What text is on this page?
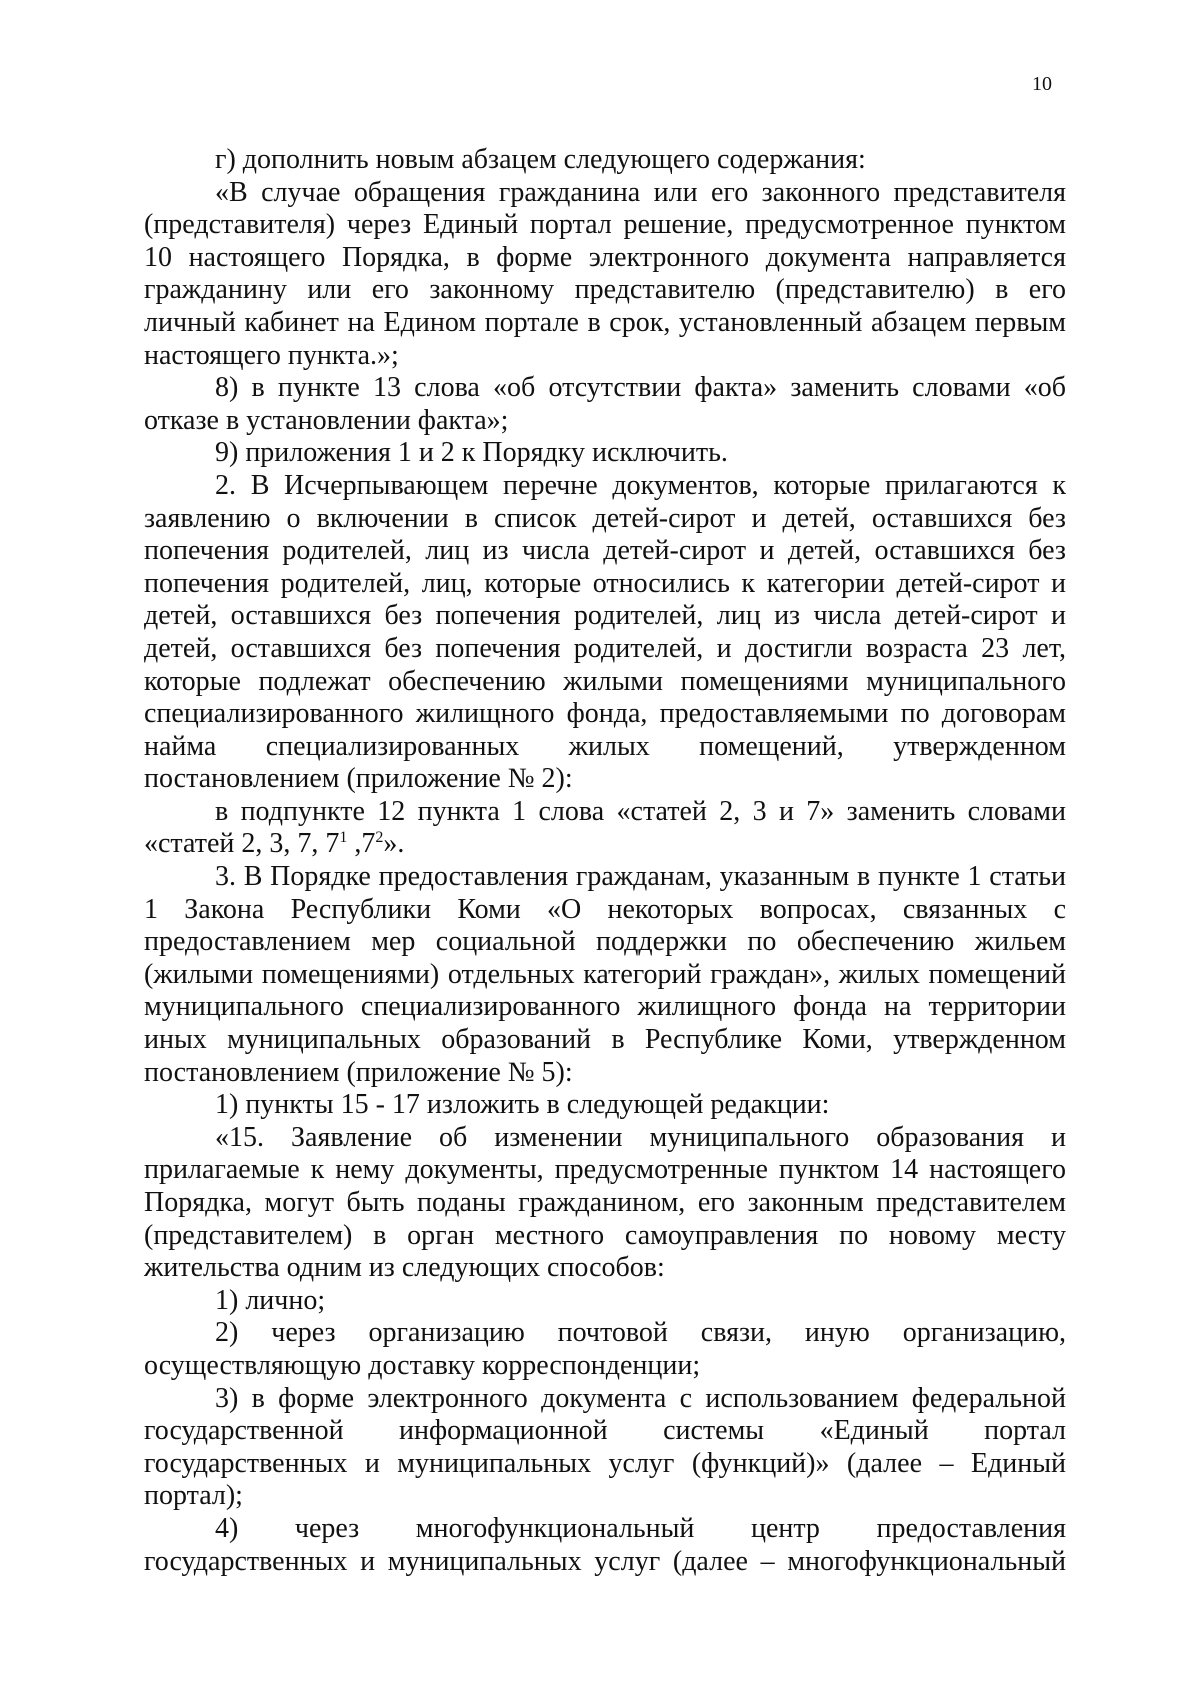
10

г) дополнить новым абзацем следующего содержания:

«В случае обращения гражданина или его законного представителя (представителя) через Единый портал решение, предусмотренное пунктом 10 настоящего Порядка, в форме электронного документа направляется гражданину или его законному представителю (представителю) в его личный кабинет на Едином портале в срок, установленный абзацем первым настоящего пункта.»;

8) в пункте 13 слова «об отсутствии факта» заменить словами «об отказе в установлении факта»;

9) приложения 1 и 2 к Порядку исключить.

2. В Исчерпывающем перечне документов, которые прилагаются к заявлению о включении в список детей-сирот и детей, оставшихся без попечения родителей, лиц из числа детей-сирот и детей, оставшихся без попечения родителей, лиц, которые относились к категории детей-сирот и детей, оставшихся без попечения родителей, лиц из числа детей-сирот и детей, оставшихся без попечения родителей, и достигли возраста 23 лет, которые подлежат обеспечению жилыми помещениями муниципального специализированного жилищного фонда, предоставляемыми по договорам найма специализированных жилых помещений, утвержденном постановлением (приложение № 2):

в подпункте 12 пункта 1 слова «статей 2, 3 и 7» заменить словами
«статей 2, 3, 7, $7^1$ $,7^2$».

3. В Порядке предоставления гражданам, указанным в пункте 1 статьи 1 Закона Республики Коми «О некоторых вопросах, связанных с предоставлением мер социальной поддержки по обеспечению жильем (жилыми помещениями) отдельных категорий граждан», жилых помещений муниципального специализированного жилищного фонда на территории иных муниципальных образований в Республике Коми, утвержденном постановлением (приложение № 5):

1) пункты 15 - 17 изложить в следующей редакции:

«15. Заявление об изменении муниципального образования и прилагаемые к нему документы, предусмотренные пунктом 14 настоящего Порядка, могут быть поданы гражданином, его законным представителем (представителем) в орган местного самоуправления по новому месту жительства одним из следующих способов:

1) лично;

2) через организацию почтовой связи, иную организацию, осуществляющую доставку корреспонденции;

3) в форме электронного документа с использованием федеральной государственной информационной системы «Единый портал государственных и муниципальных услуг (функций)» (далее – Единый портал);

4) через многофункциональный центр предоставления
государственных и муниципальных услуг (далее – многофункциональный
